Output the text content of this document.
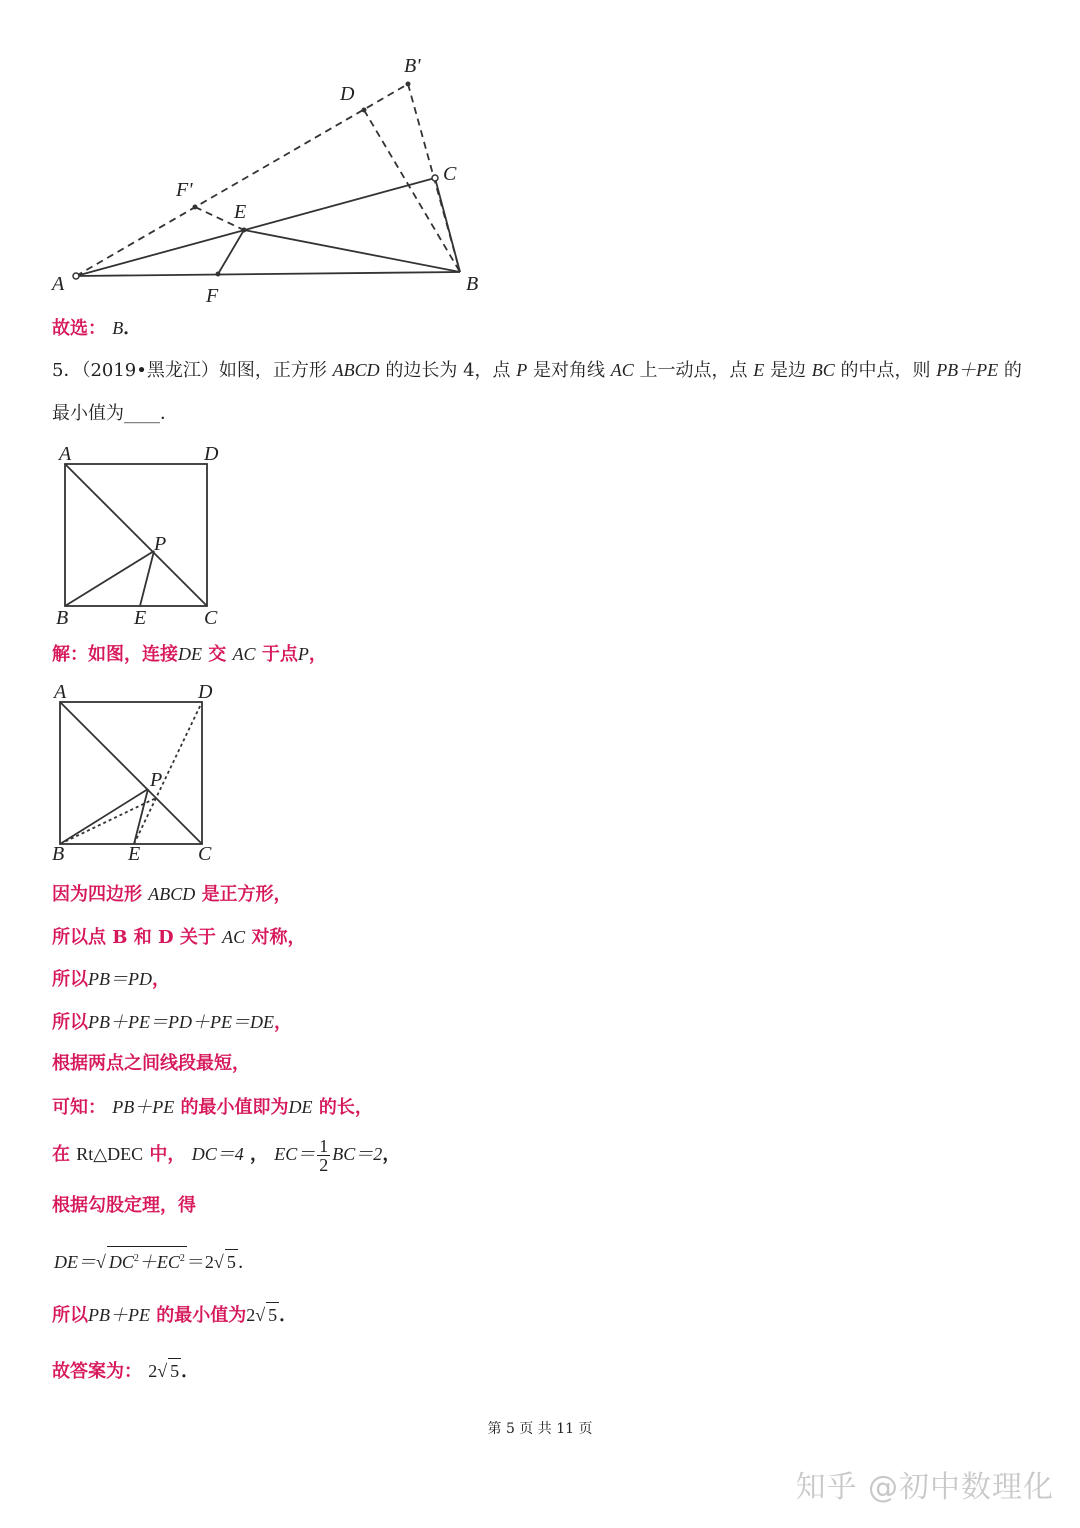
B'
D
C
F'
E
A	B
F
故选： B．
5．（2019•黑龙江）如图，正方形 ABCD 的边长为 4，点 P 是对角线 AC 上一动点，点 E 是边 BC 的中点，则 PB＋PE 的
最小值为____．
A	D
P
B	E	C
解：如图，连接DE 交 AC 于点P，
A	D
P
B	E	C
因为四边形 ABCD 是正方形，
所以点 B 和 D 关于 AC 对称，
所以PB＝PD，
所以PB＋PE＝PD＋PE＝DE，
根据两点之间线段最短，
可知： PB＋PE 的最小值即为DE 的长，
在 Rt△DEC 中， DC＝4 ， $EC= \frac{1}{2} BC=2$，
根据勾股定理，得
DE＝√ $DC^2+EC^2 =2√$ 5 ．
所以PB＋PE 的最小值为2√ 5 ．
故答案为： 2√ 5 ．
第 5 页 共 11 页
知乎 @初中数理化
